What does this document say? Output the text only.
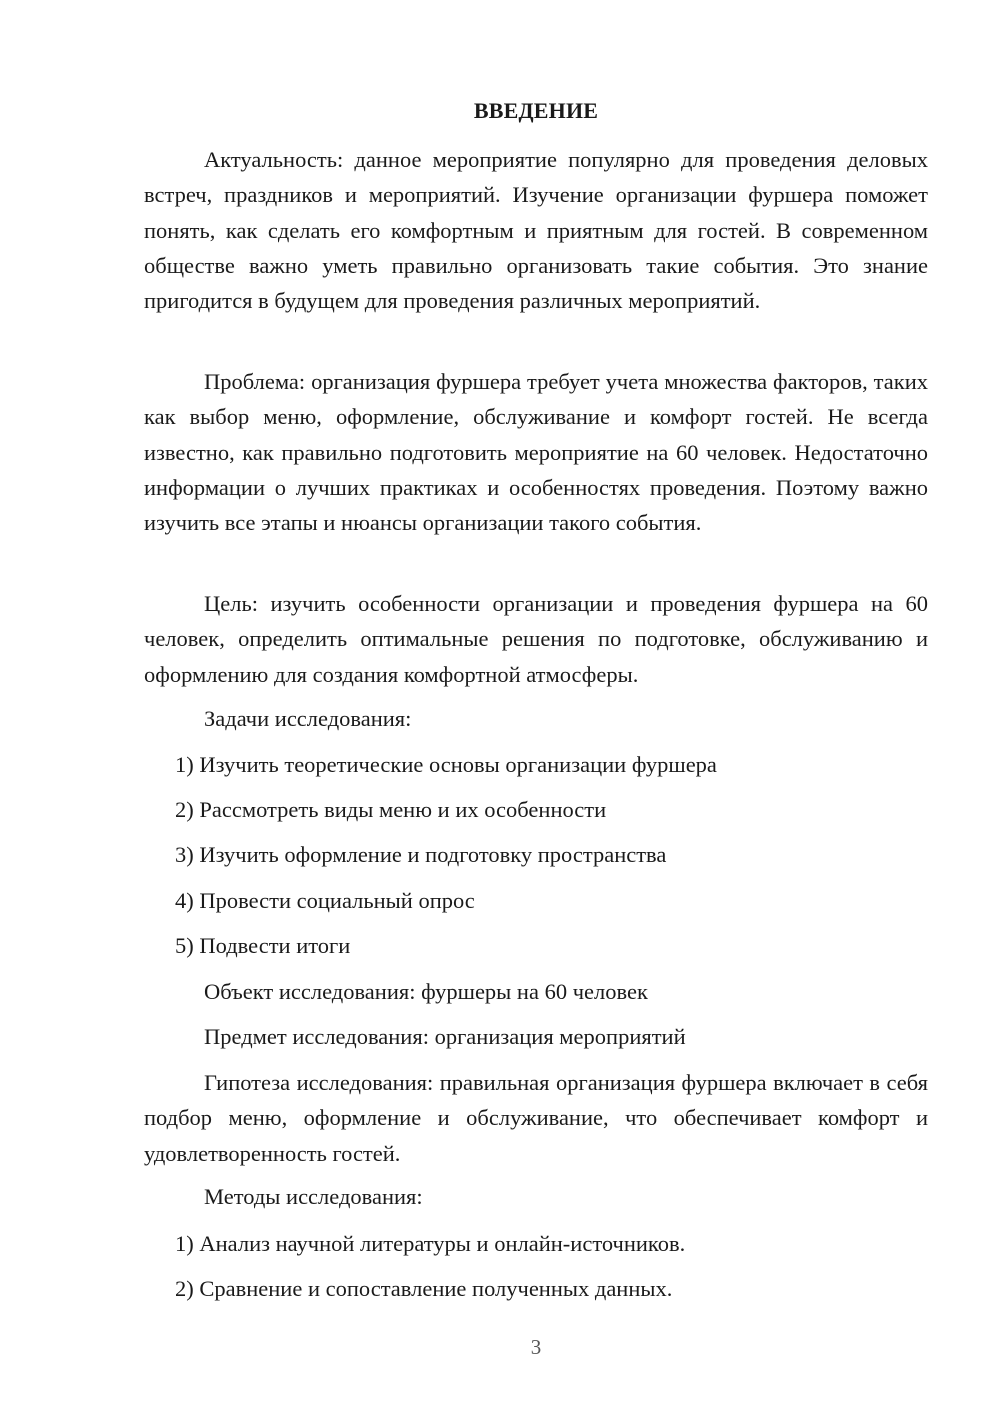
ВВЕДЕНИЕ

Актуальность: данное мероприятие популярно для проведения деловых встреч, праздников и мероприятий. Изучение организации фуршера поможет понять, как сделать его комфортным и приятным для гостей. В современном обществе важно уметь правильно организовать такие события. Это знание пригодится в будущем для проведения различных мероприятий.

Проблема: организация фуршера требует учета множества факторов, таких как выбор меню, оформление, обслуживание и комфорт гостей. Не всегда известно, как правильно подготовить мероприятие на 60 человек. Недостаточно информации о лучших практиках и особенностях проведения. Поэтому важно изучить все этапы и нюансы организации такого события.

Цель: изучить особенности организации и проведения фуршера на 60 человек, определить оптимальные решения по подготовке, обслуживанию и оформлению для создания комфортной атмосферы.

Задачи исследования:

1) Изучить теоретические основы организации фуршера

2) Рассмотреть виды меню и их особенности

3) Изучить оформление и подготовку пространства

4) Провести социальный опрос

5) Подвести итоги

Объект исследования: фуршеры на 60 человек

Предмет исследования: организация мероприятий

Гипотеза исследования: правильная организация фуршера включает в себя подбор меню, оформление и обслуживание, что обеспечивает комфорт и удовлетворенность гостей.

Методы исследования:

1) Анализ научной литературы и онлайн-источников.

2) Сравнение и сопоставление полученных данных.

3
